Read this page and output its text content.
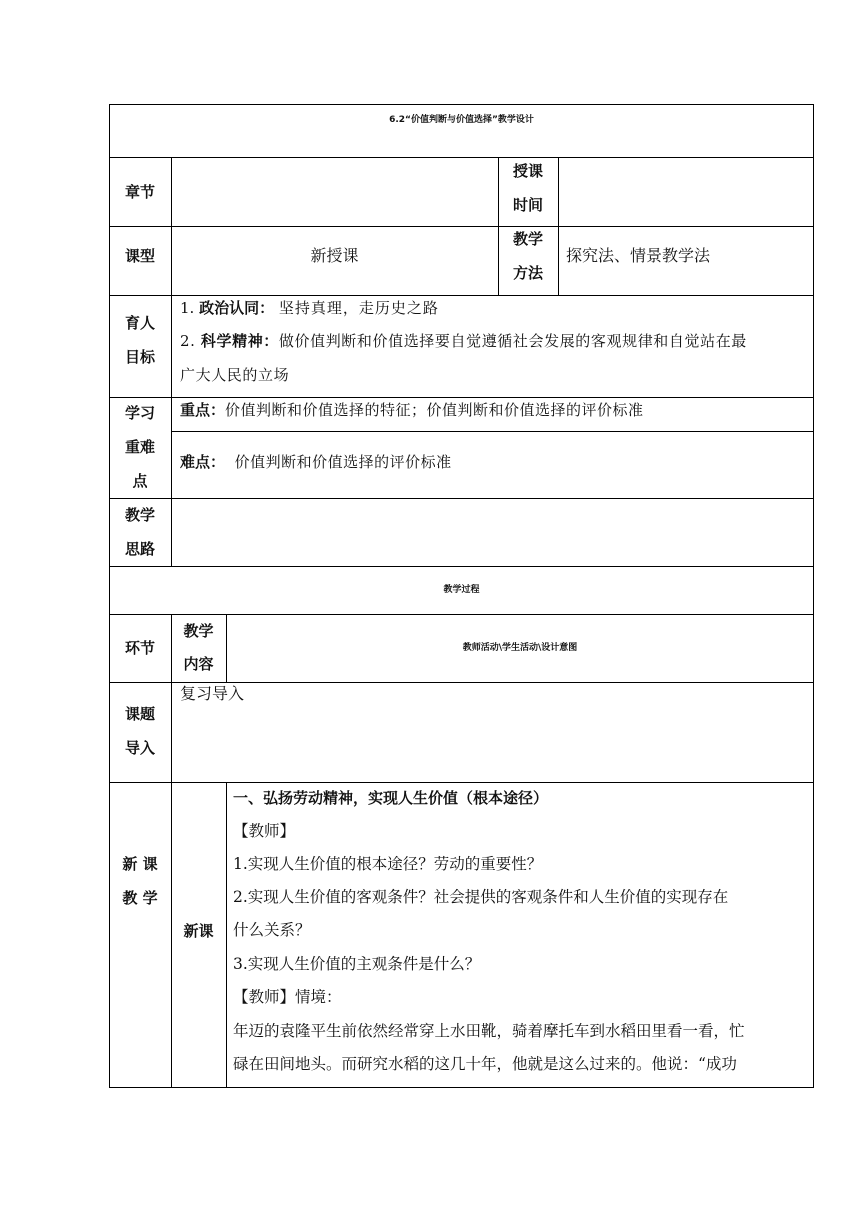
6.2“价值判断与价值选择”教学设计
章节
授课
时间
课型	新授课
教学
方法
探究法、情景教学法
育人
目标
1. 政治认同： 坚持真理，走历史之路
2. 科学精神：做价值判断和价值选择要自觉遵循社会发展的客观规律和自觉站在最
广大人民的立场
学习
重难
点
重点：价值判断和价值选择的特征；价值判断和价值选择的评价标准
难点： 价值判断和价值选择的评价标准
教学
思路
教学过程
环节
教学
内容
教师活动\学生活动\设计意图
课题
导入
复习导入
新 课
教 学
新课
一、弘扬劳动精神，实现人生价值（根本途径）
【教师】
1.实现人生价值的根本途径？劳动的重要性？
2.实现人生价值的客观条件？社会提供的客观条件和人生价值的实现存在
什么关系？
3.实现人生价值的主观条件是什么？
【教师】情境：
年迈的袁隆平生前依然经常穿上水田靴，骑着摩托车到水稻田里看一看，忙
碌在田间地头。而研究水稻的这几十年，他就是这么过来的。他说：“成功
